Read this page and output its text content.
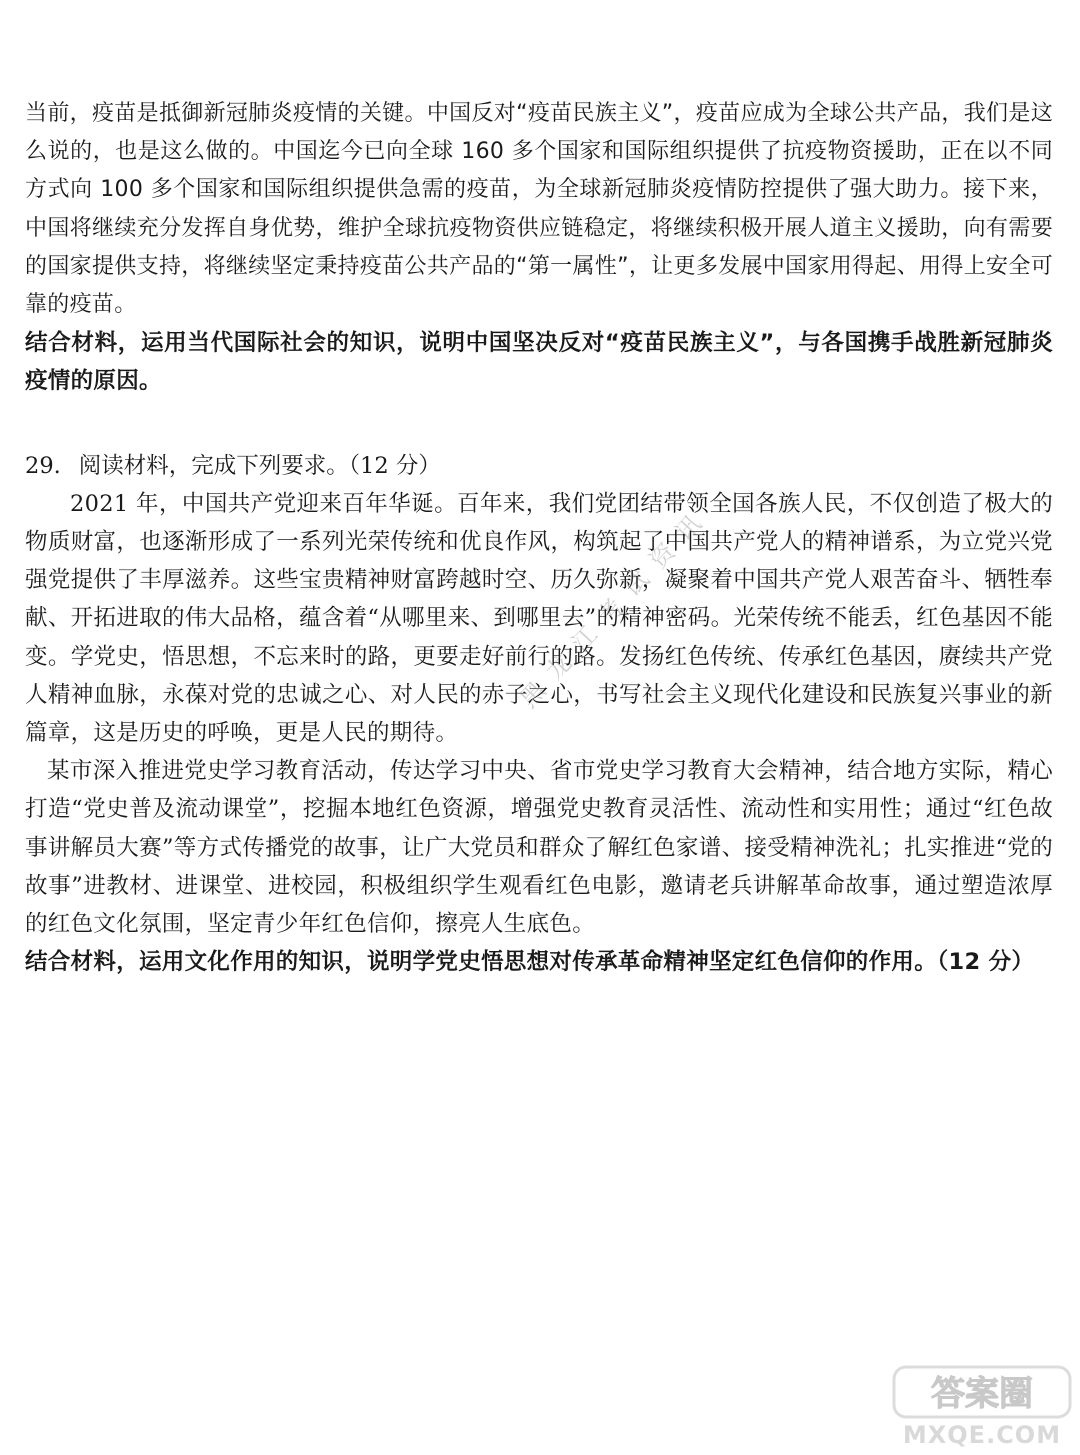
当前，疫苗是抵御新冠肺炎疫情的关键。中国反对“疫苗民族主义”，疫苗应成为全球公共产品，我们是这么说的，也是这么做的。中国迄今已向全球 160 多个国家和国际组织提供了抗疫物资援助，正在以不同方式向 100 多个国家和国际组织提供急需的疫苗，为全球新冠肺炎疫情防控提供了强大助力。接下来，中国将继续充分发挥自身优势，维护全球抗疫物资供应链稳定，将继续积极开展人道主义援助，向有需要的国家提供支持，将继续坚定秉持疫苗公共产品的“第一属性”，让更多发展中国家用得起、用得上安全可靠的疫苗。

结合材料，运用当代国际社会的知识，说明中国坚决反对“疫苗民族主义”，与各国携手战胜新冠肺炎疫情的原因。

29. 阅读材料，完成下列要求。（12 分）

2021 年，中国共产党迎来百年华诞。百年来，我们党团结带领全国各族人民，不仅创造了极大的物质财富，也逐渐形成了一系列光荣传统和优良作风，构筑起了中国共产党人的精神谱系，为立党兴党强党提供了丰厚滋养。这些宝贵精神财富跨越时空、历久弥新，凝聚着中国共产党人艰苦奋斗、牺牲奉献、开拓进取的伟大品格，蕴含着“从哪里来、到哪里去”的精神密码。光荣传统不能丢，红色基因不能变。学党史，悟思想，不忘来时的路，更要走好前行的路。发扬红色传统、传承红色基因，赓续共产党人精神血脉，永葆对党的忠诚之心、对人民的赤子之心，书写社会主义现代化建设和民族复兴事业的新篇章，这是历史的呼唤，更是人民的期待。

某市深入推进党史学习教育活动，传达学习中央、省市党史学习教育大会精神，结合地方实际，精心打造“党史普及流动课堂”，挖掘本地红色资源，增强党史教育灵活性、流动性和实用性；通过“红色故事讲解员大赛”等方式传播党的故事，让广大党员和群众了解红色家谱、接受精神洗礼；扎实推进“党的故事”进教材、进课堂、进校园，积极组织学生观看红色电影，邀请老兵讲解革命故事，通过塑造浓厚的红色文化氛围，坚定青少年红色信仰，擦亮人生底色。

结合材料，运用文化作用的知识，说明学党史悟思想对传承革命精神坚定红色信仰的作用。（12 分）

黑龙江考试资讯
答案圈
MXQE.COM
